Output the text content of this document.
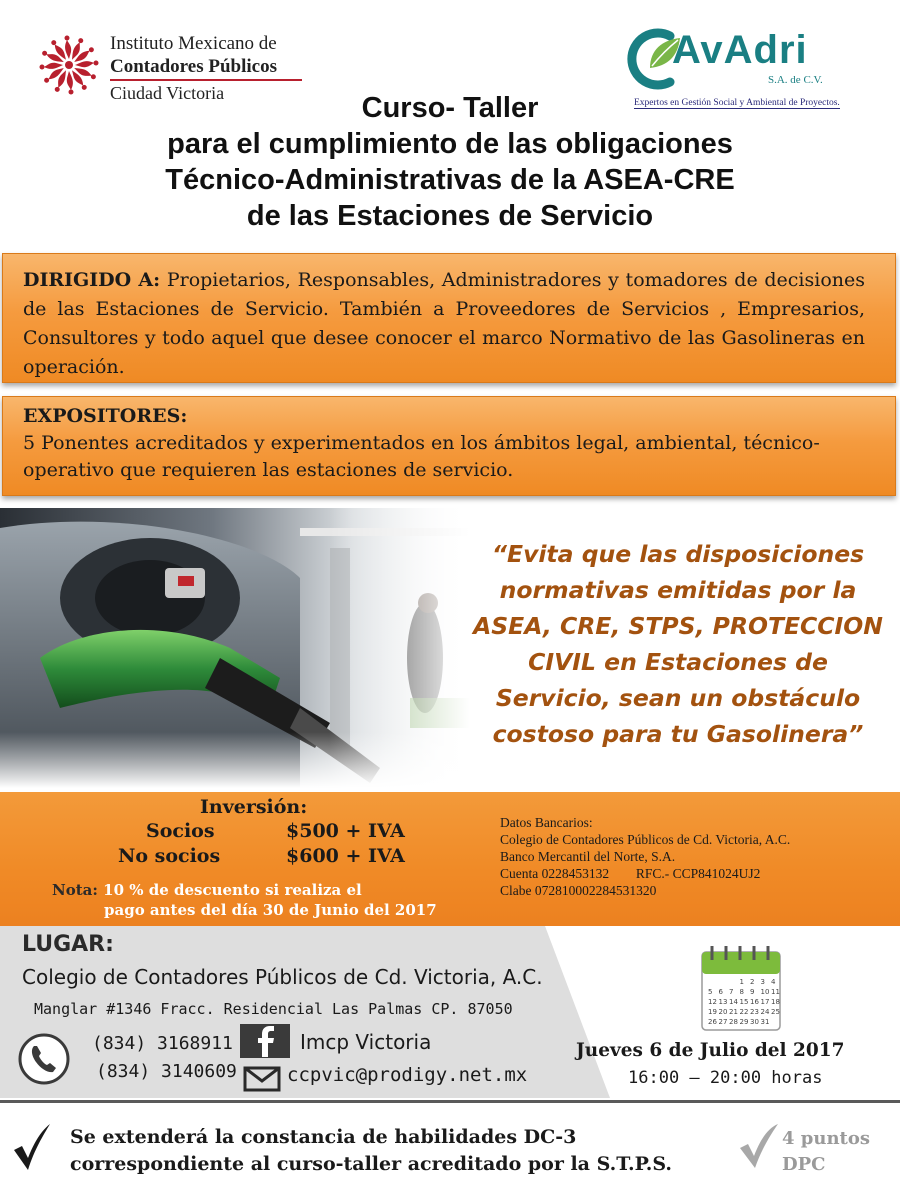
Instituto Mexicano de
Contadores Públicos
Ciudad Victoria
AvAdri
S.A. de C.V.
Expertos en Gestión Social y Ambiental de Proyectos.
Curso- Taller
para el cumplimiento de las obligaciones
Técnico-Administrativas de la ASEA-CRE
de las Estaciones de Servicio
DIRIGIDO A: Propietarios, Responsables, Administradores y tomadores de decisiones de las Estaciones de Servicio. También a Proveedores de Servicios , Empresarios, Consultores y todo aquel que desee conocer el marco Normativo de las Gasolineras en operación.
EXPOSITORES:
5 Ponentes acreditados y experimentados en los ámbitos legal, ambiental, técnico-operativo que requieren las estaciones de servicio.
“Evita que las disposiciones normativas emitidas por la ASEA, CRE, STPS, PROTECCION CIVIL en Estaciones de Servicio, sean un obstáculo costoso para tu Gasolinera”
Inversión:
Socios	$500 + IVA
No socios	$600 + IVA
Nota: 10 % de descuento si realiza el
pago antes del día 30 de Junio del 2017
Datos Bancarios:
Colegio de Contadores Públicos de Cd. Victoria, A.C.
Banco Mercantil del Norte, S.A.
Cuenta 0228453132 RFC.- CCP841024UJ2
Clabe 072810002284531320
LUGAR:
Colegio de Contadores Públicos de Cd. Victoria, A.C.
Manglar #1346 Fracc. Residencial Las Palmas CP. 87050
(834) 3168911
(834) 3140609
Imcp Victoria
ccpvic@prodigy.net.mx
1 2 3 4
5 6 7 8 9 10 11
12 13 14 15 16 17 18
19 20 21 22 23 24 25
26 27 28 29 30 31
Jueves 6 de Julio del 2017
16:00 – 20:00 horas
Se extenderá la constancia de habilidades DC-3
correspondiente al curso-taller acreditado por la S.T.P.S.
4 puntos
DPC
